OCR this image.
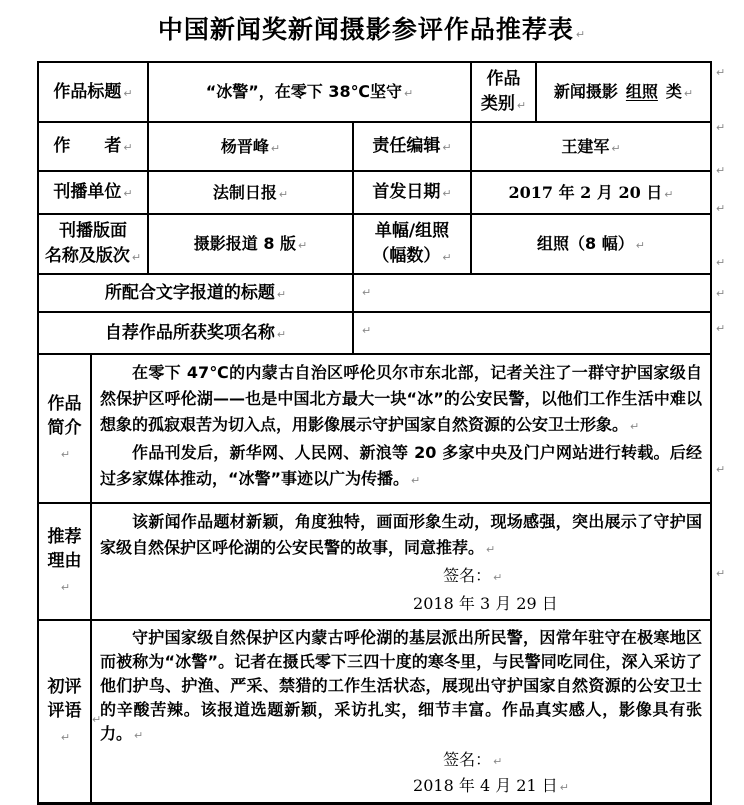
中国新闻奖新闻摄影参评作品推荐表 ↵
作品标题 ↵		“冰警”，在零下 38℃坚守 ↵		作品
类别 ↵	新闻摄影 组照 类 ↵
作　　者 ↵		杨晋峰 ↵	责任编辑 ↵	王建军 ↵	
刊播单位 ↵		法制日报 ↵	首发日期 ↵	2017 年 2 月 20 日 ↵	
刊播版面
名称及版次 ↵		摄影报道 8 版 ↵	单幅/组照
（幅数） ↵	组照（8 幅） ↵	
所配合文字报道的标题 ↵			↵		
自荐作品所获奖项名称 ↵			↵		
作品
简介↵	

在零下 47℃的内蒙古自治区呼伦贝尔市东北部，记者关注了一群守护国家级自然保护区呼伦湖——也是中国北方最大一块“冰”的公安民警，以他们工作生活中难以想象的孤寂艰苦为切入点，用影像展示守护国家自然资源的公安卫士形象。 ↵

作品刊发后，新华网、人民网、新浪等 20 多家中央及门户网站进行转载。后经过多家媒体推动，“冰警”事迹以广为传播。 ↵

推荐
理由↵	

该新闻作品题材新颖，角度独特，画面形象生动，现场感强，突出展示了守护国家级自然保护区呼伦湖的公安民警的故事，同意推荐。 ↵

签名： ↵

2018 年 3 月 29 日

初评
评语↵	

守护国家级自然保护区内蒙古呼伦湖的基层派出所民警，因常年驻守在极寒地区而被称为“冰警”。记者在摄氏零下三四十度的寒冬里，与民警同吃同住，深入采访了他们护鸟、护渔、严采、禁猎的工作生活状态，展现出守护国家自然资源的公安卫士的辛酸苦辣。该报道选题新颖，采访扎实，细节丰富。作品真实感人，影像具有张力。 ↵

签名： ↵

2018 年 4 月 21 日 ↵

↵
↵
↵
↵
↵
↵
↵
↵
↵
↵
